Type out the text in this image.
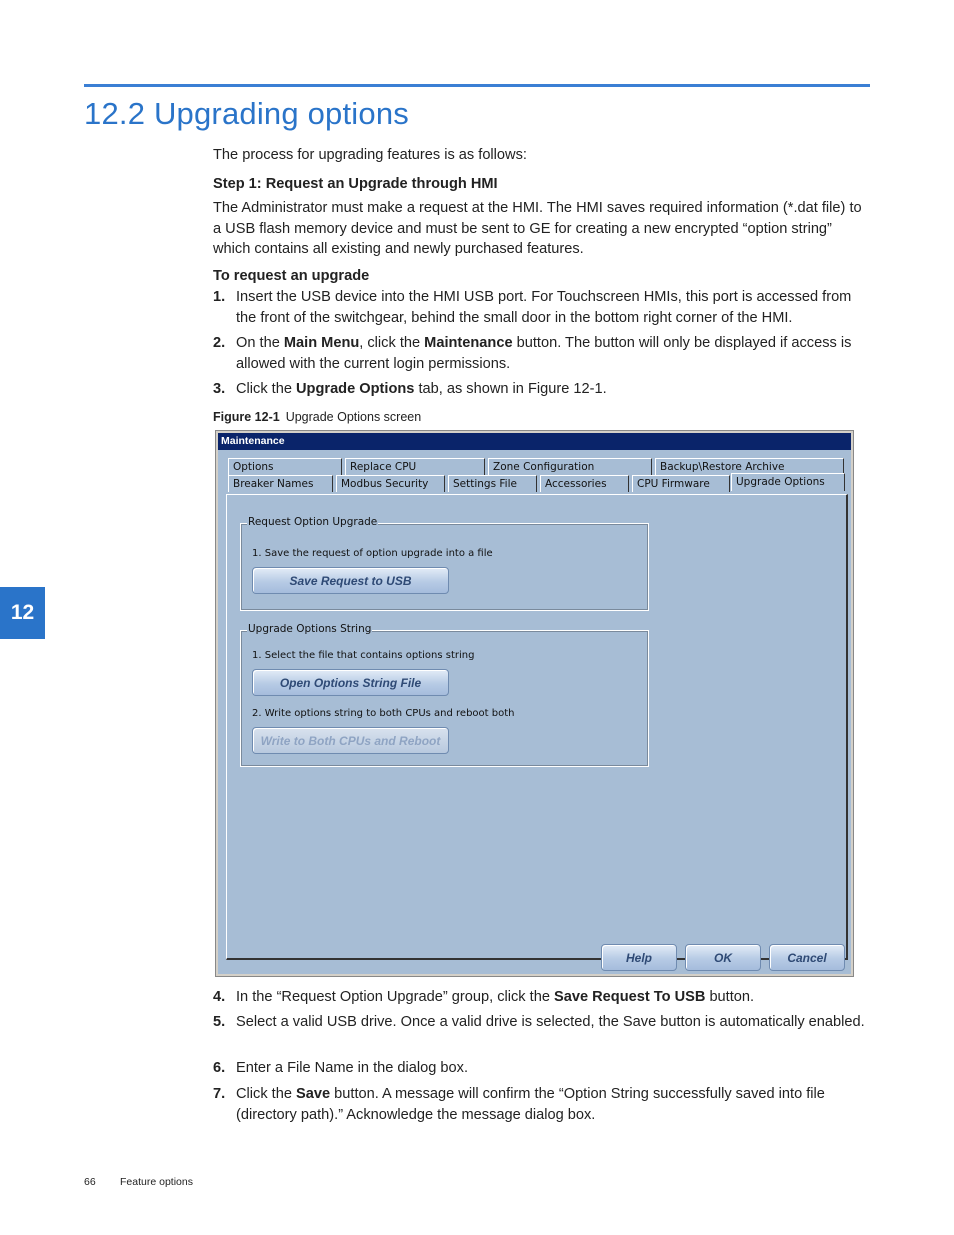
12.2 Upgrading options
12

The process for upgrading features is as follows:

Step 1: Request an Upgrade through HMI

The Administrator must make a request at the HMI. The HMI saves required information (*.dat file) to a USB flash memory device and must be sent to GE for creating a new encrypted “option string” which contains all existing and newly purchased features.

To request an upgrade
1. Insert the USB device into the HMI USB port. For Touchscreen HMIs, this port is accessed from the front of the switchgear, behind the small door in the bottom right corner of the HMI.
2. On the Main Menu, click the Maintenance button. The button will only be displayed if access is allowed with the current login permissions.
3. Click the Upgrade Options tab, as shown in Figure 12-1.
Figure 12-1 Upgrade Options screen
Maintenance
Options	Replace CPU	Zone Configuration	Backup\Restore Archive
Breaker Names	Modbus Security	Settings File	Accessories	CPU Firmware	Upgrade Options
Request Option Upgrade
1. Save the request of option upgrade into a file
Save Request to USB
Upgrade Options String
1. Select the file that contains options string
Open Options String File
2. Write options string to both CPUs and reboot both
Write to Both CPUs and Reboot
Help	OK	Cancel
4. In the “Request Option Upgrade” group, click the Save Request To USB button.
5. Select a valid USB drive. Once a valid drive is selected, the Save button is automatically enabled.
6. Enter a File Name in the dialog box.
7. Click the Save button. A message will confirm the “Option String successfully saved into file (directory path).” Acknowledge the message dialog box.
66 Feature options
